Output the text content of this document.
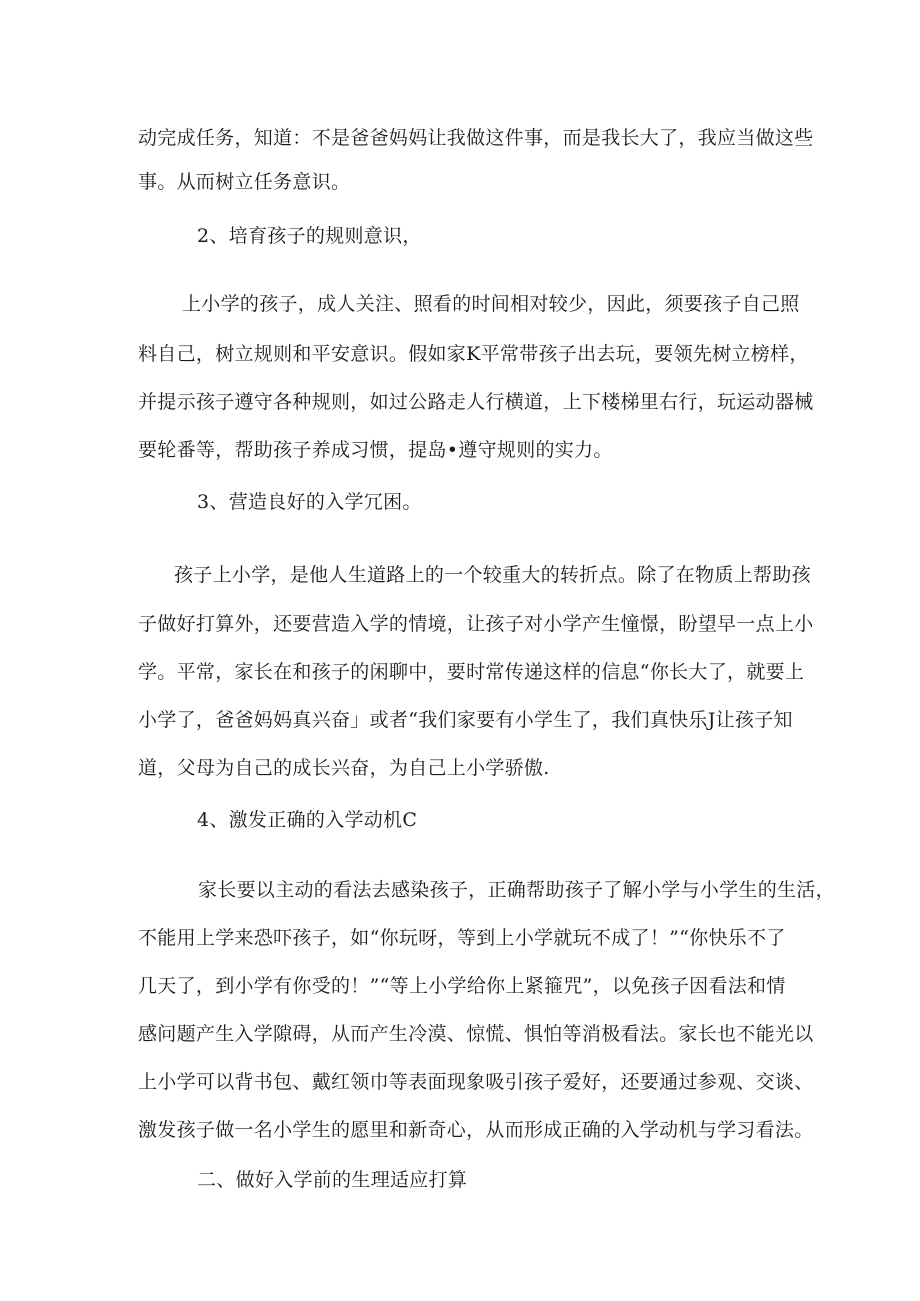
动完成任务，知道：不是爸爸妈妈让我做这件事，而是我长大了，我应当做这些
事。从而树立任务意识。
2、培育孩子的规则意识，
上小学的孩子，成人关注、照看的时间相对较少，因此，须要孩子自己照
料自己，树立规则和平安意识。假如家K平常带孩子出去玩，要领先树立榜样，
并提示孩子遵守各种规则，如过公路走人行横道，上下楼梯里右行，玩运动器械
要轮番等，帮助孩子养成习惯，提岛•遵守规则的实力。
3、营造良好的入学冗困。
孩子上小学，是他人生道路上的一个较重大的转折点。除了在物质上帮助孩
子做好打算外，还要营造入学的情境，让孩子对小学产生憧憬，盼望早一点上小
学。平常，家长在和孩子的闲聊中，要时常传递这样的信息“你长大了，就要上
小学了，爸爸妈妈真兴奋」或者“我们家要有小学生了，我们真快乐J让孩子知
道，父母为自己的成长兴奋，为自己上小学骄傲.
4、激发正确的入学动机C
家长要以主动的看法去感染孩子，正确帮助孩子了解小学与小学生的生活，
不能用上学来恐吓孩子，如“你玩呀，等到上小学就玩不成了！”“你快乐不了
几天了，到小学有你受的！”“等上小学给你上紧箍咒”，以免孩子因看法和情
感问题产生入学隙碍，从而产生冷漠、惊慌、惧怕等消极看法。家长也不能光以
上小学可以背书包、戴红领巾等表面现象吸引孩子爱好，还要通过参观、交谈、
激发孩子做一名小学生的愿里和新奇心，从而形成正确的入学动机与学习看法。
二、做好入学前的生理适应打算
